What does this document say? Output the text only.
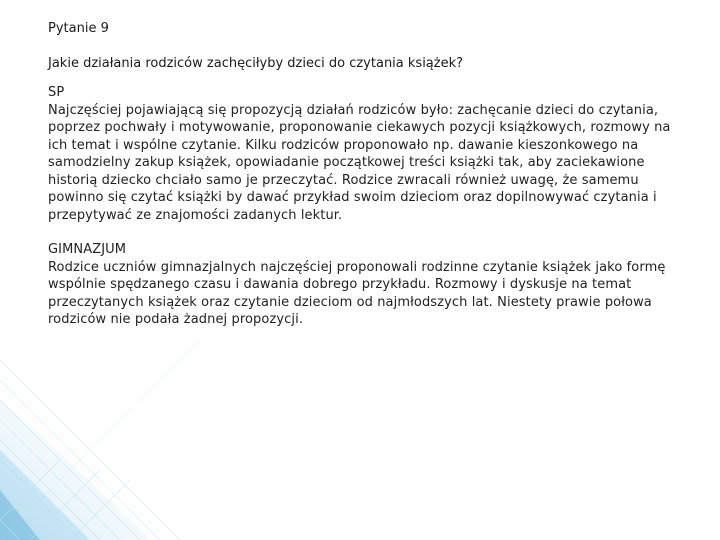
Pytanie 9
Jakie działania rodziców zachęciłyby dzieci do czytania książek?
SP
Najczęściej pojawiającą się propozycją działań rodziców było: zachęcanie dzieci do czytania, poprzez pochwały i motywowanie, proponowanie ciekawych pozycji książkowych, rozmowy na ich temat i wspólne czytanie. Kilku rodziców proponowało np. dawanie kieszonkowego na samodzielny zakup książek, opowiadanie początkowej treści książki tak, aby zaciekawione historią dziecko chciało samo je przeczytać. Rodzice zwracali również uwagę, że samemu powinno się czytać książki by dawać przykład swoim dzieciom oraz dopilnowywać czytania i przepytywać ze znajomości zadanych lektur.
GIMNAZJUM
Rodzice uczniów gimnazjalnych najczęściej proponowali rodzinne czytanie książek jako formę wspólnie spędzanego czasu i dawania dobrego przykładu. Rozmowy i dyskusje na temat przeczytanych książek oraz czytanie dzieciom od najmłodszych lat. Niestety prawie połowa rodziców nie podała żadnej propozycji.
